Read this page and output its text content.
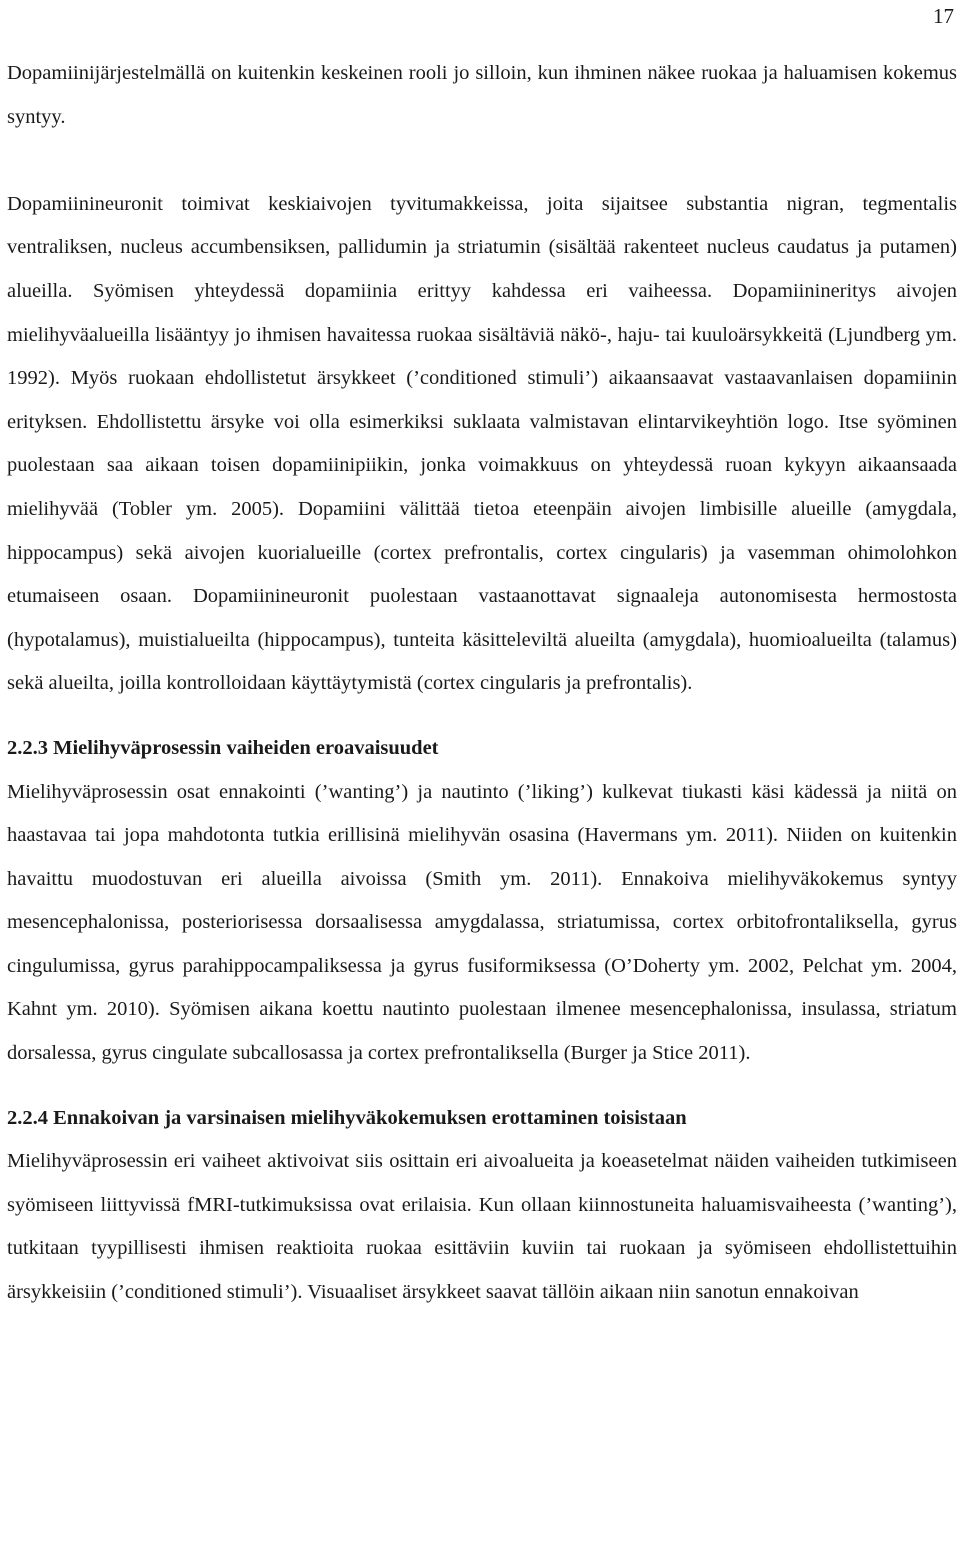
17

Dopamiinijärjestelmällä on kuitenkin keskeinen rooli jo silloin, kun ihminen näkee ruokaa ja haluamisen kokemus syntyy.

Dopamiinineuronit toimivat keskiaivojen tyvitumakkeissa, joita sijaitsee substantia nigran, tegmentalis ventraliksen, nucleus accumbensiksen, pallidumin ja striatumin (sisältää rakenteet nucleus caudatus ja putamen) alueilla. Syömisen yhteydessä dopamiinia erittyy kahdessa eri vaiheessa. Dopamiinineritys aivojen mielihyväalueilla lisääntyy jo ihmisen havaitessa ruokaa sisältäviä näkö-, haju- tai kuuloärsykkeitä (Ljundberg ym. 1992). Myös ruokaan ehdollistetut ärsykkeet (’conditioned stimuli’) aikaansaavat vastaavanlaisen dopamiinin erityksen. Ehdollistettu ärsyke voi olla esimerkiksi suklaata valmistavan elintarvikeyhtiön logo. Itse syöminen puolestaan saa aikaan toisen dopamiinipiikin, jonka voimakkuus on yhteydessä ruoan kykyyn aikaansaada mielihyvää (Tobler ym. 2005). Dopamiini välittää tietoa eteenpäin aivojen limbisille alueille (amygdala, hippocampus) sekä aivojen kuorialueille (cortex prefrontalis, cortex cingularis) ja vasemman ohimolohkon etumaiseen osaan. Dopamiinineuronit puolestaan vastaanottavat signaaleja autonomisesta hermostosta (hypotalamus), muistialueilta (hippocampus), tunteita käsitteleviltä alueilta (amygdala), huomioalueilta (talamus) sekä alueilta, joilla kontrolloidaan käyttäytymistä (cortex cingularis ja prefrontalis).

2.2.3 Mielihyväprosessin vaiheiden eroavaisuudet

Mielihyväprosessin osat ennakointi (’wanting’) ja nautinto (’liking’) kulkevat tiukasti käsi kädessä ja niitä on haastavaa tai jopa mahdotonta tutkia erillisinä mielihyvän osasina (Havermans ym. 2011). Niiden on kuitenkin havaittu muodostuvan eri alueilla aivoissa (Smith ym. 2011). Ennakoiva mielihyväkokemus syntyy mesencephalonissa, posteriorisessa dorsaalisessa amygdalassa, striatumissa, cortex orbitofrontaliksella, gyrus cingulumissa, gyrus parahippocampaliksessa ja gyrus fusiformiksessa (O’Doherty ym. 2002, Pelchat ym. 2004, Kahnt ym. 2010). Syömisen aikana koettu nautinto puolestaan ilmenee mesencephalonissa, insulassa, striatum dorsalessa, gyrus cingulate subcallosassa ja cortex prefrontaliksella (Burger ja Stice 2011).

2.2.4 Ennakoivan ja varsinaisen mielihyväkokemuksen erottaminen toisistaan

Mielihyväprosessin eri vaiheet aktivoivat siis osittain eri aivoalueita ja koeasetelmat näiden vaiheiden tutkimiseen syömiseen liittyvissä fMRI-tutkimuksissa ovat erilaisia. Kun ollaan kiinnostuneita haluamisvaiheesta (’wanting’), tutkitaan tyypillisesti ihmisen reaktioita ruokaa esittäviin kuviin tai ruokaan ja syömiseen ehdollistettuihin ärsykkeisiin (’conditioned stimuli’). Visuaaliset ärsykkeet saavat tällöin aikaan niin sanotun ennakoivan
